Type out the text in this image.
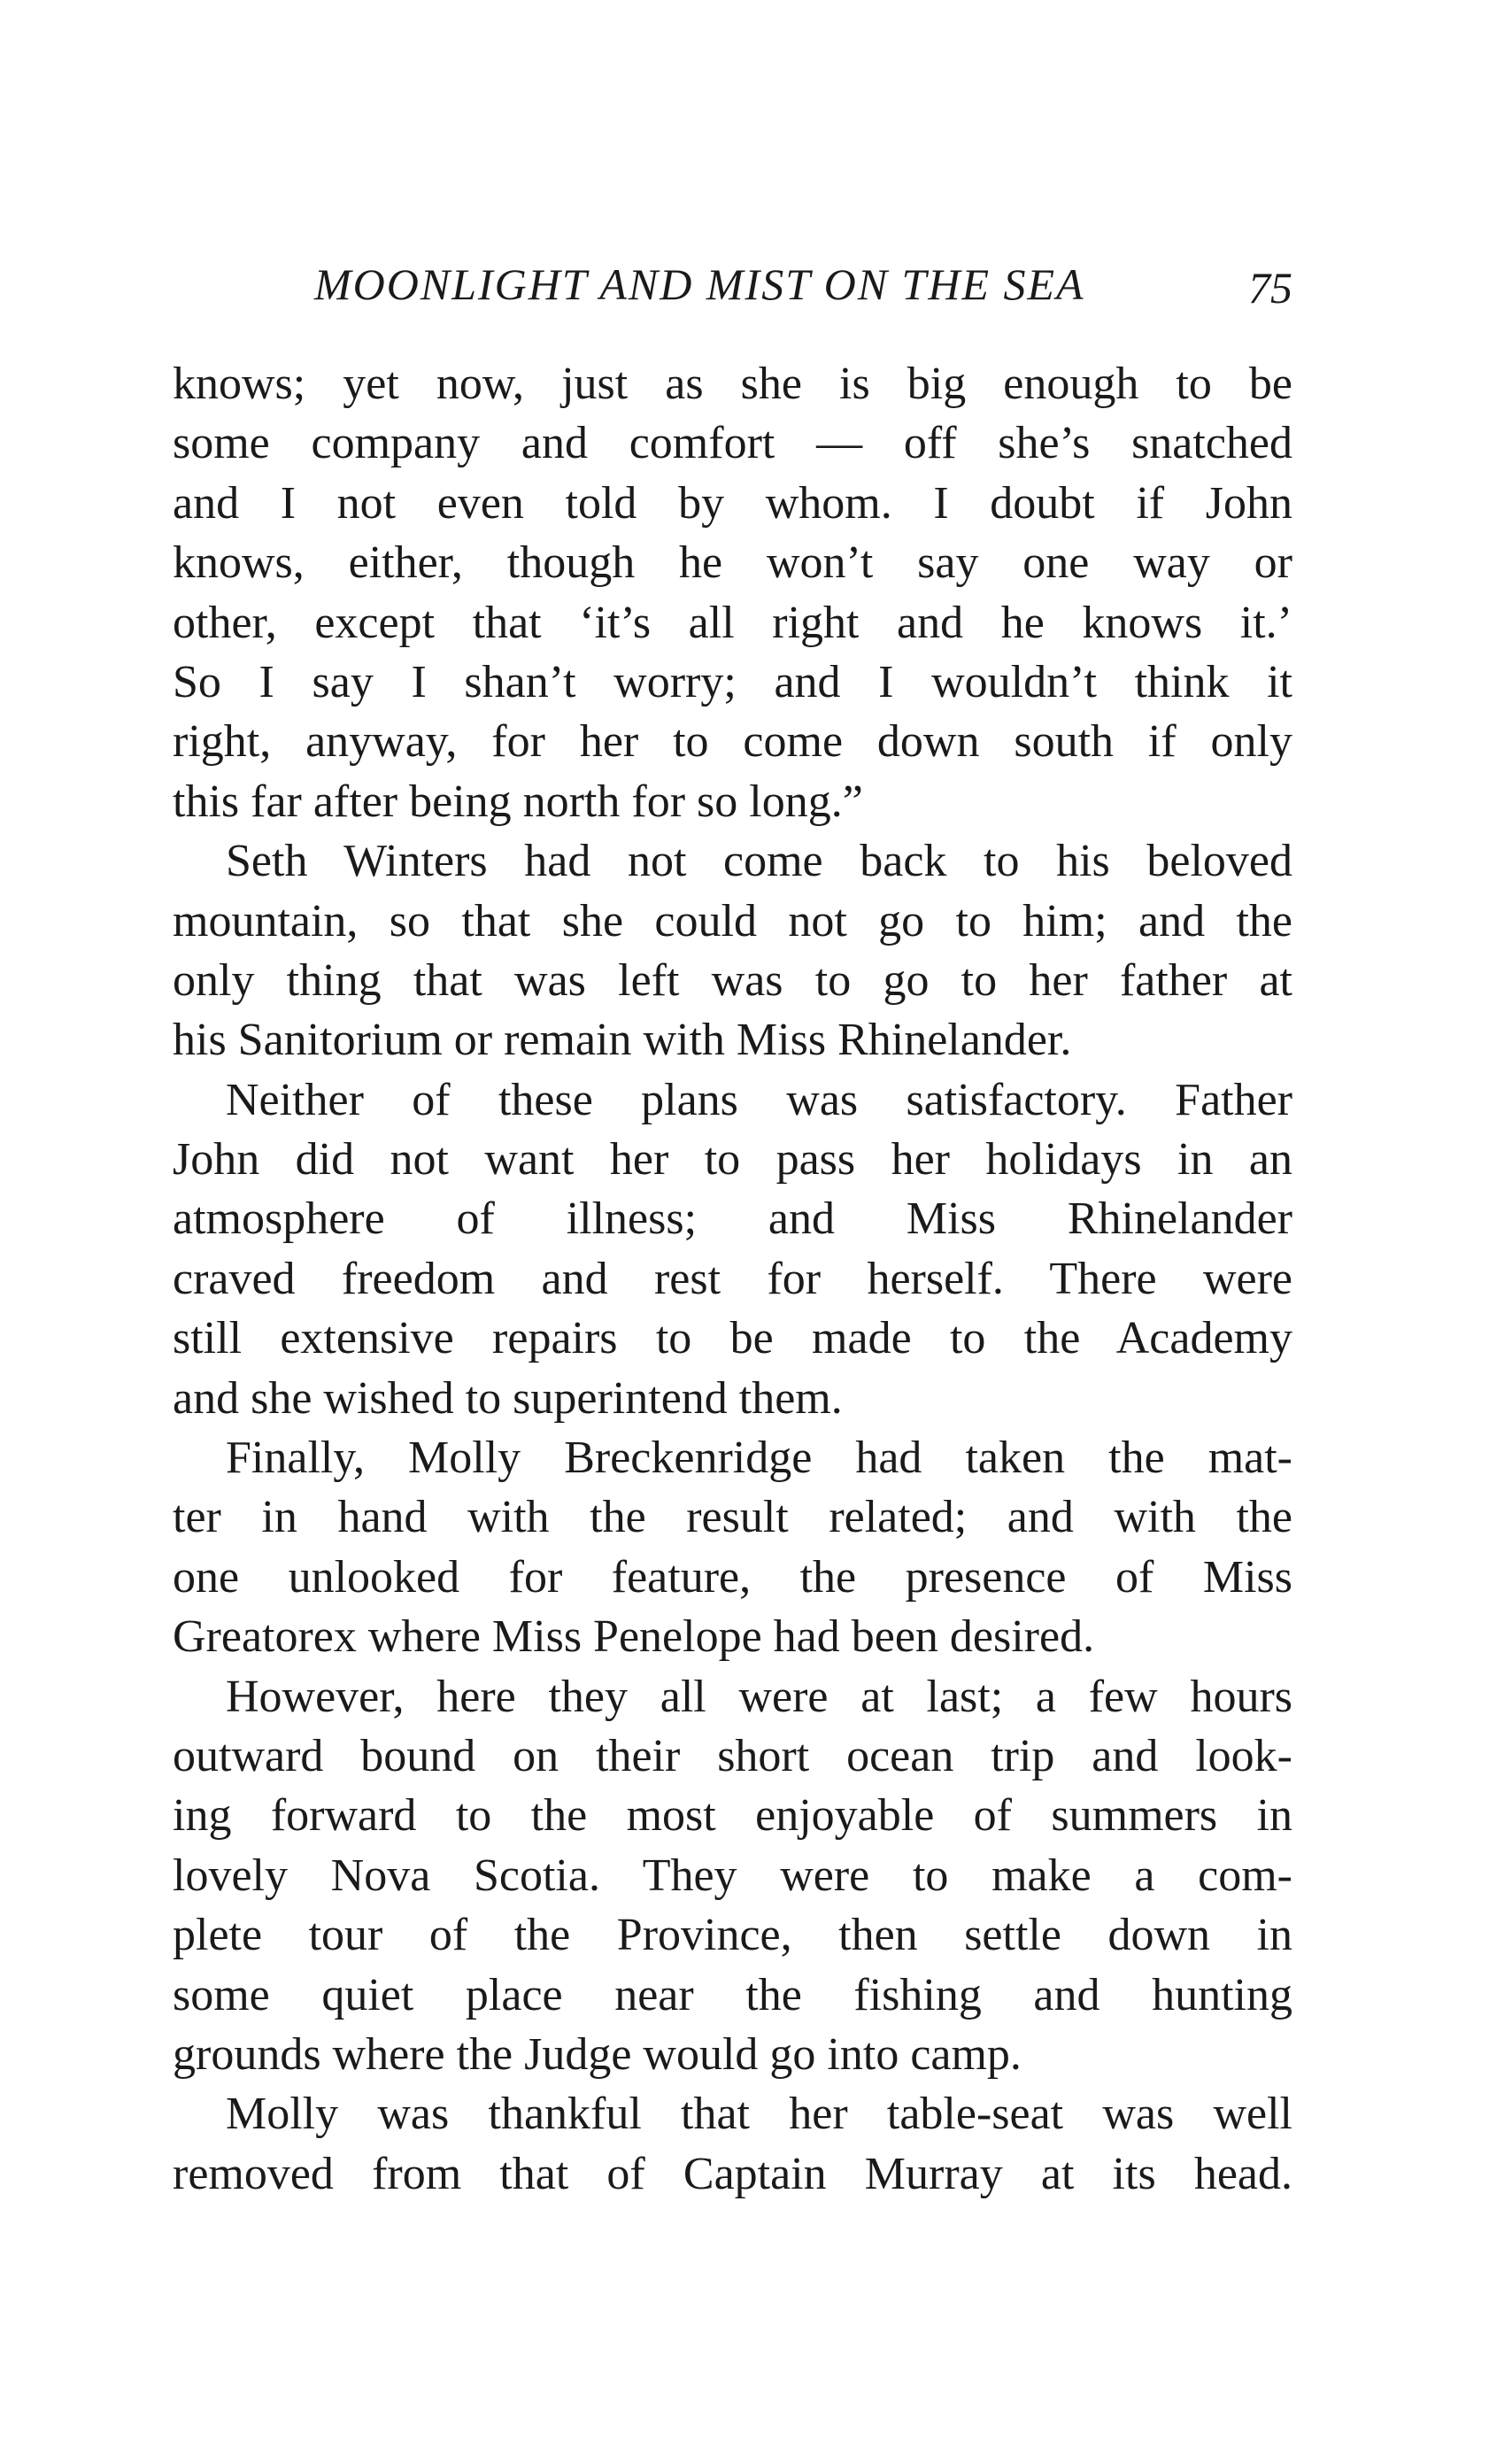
MOONLIGHT AND MIST ON THE SEA	75
knows; yet now, just as she is big enough to be
some company and comfort — off she’s snatched
and I not even told by whom. I doubt if John
knows, either, though he won’t say one way or
other, except that ‘it’s all right and he knows it.’
So I say I shan’t worry; and I wouldn’t think it
right, anyway, for her to come down south if only
this far after being north for so long.”
Seth Winters had not come back to his beloved
mountain, so that she could not go to him; and the
only thing that was left was to go to her father at
his Sanitorium or remain with Miss Rhinelander.
Neither of these plans was satisfactory. Father
John did not want her to pass her holidays in an
atmosphere of illness; and Miss Rhinelander
craved freedom and rest for herself. There were
still extensive repairs to be made to the Academy
and she wished to superintend them.
Finally, Molly Breckenridge had taken the mat-
ter in hand with the result related; and with the
one unlooked for feature, the presence of Miss
Greatorex where Miss Penelope had been desired.
However, here they all were at last; a few hours
outward bound on their short ocean trip and look-
ing forward to the most enjoyable of summers in
lovely Nova Scotia. They were to make a com-
plete tour of the Province, then settle down in
some quiet place near the fishing and hunting
grounds where the Judge would go into camp.
Molly was thankful that her table-seat was well
removed from that of Captain Murray at its head.
